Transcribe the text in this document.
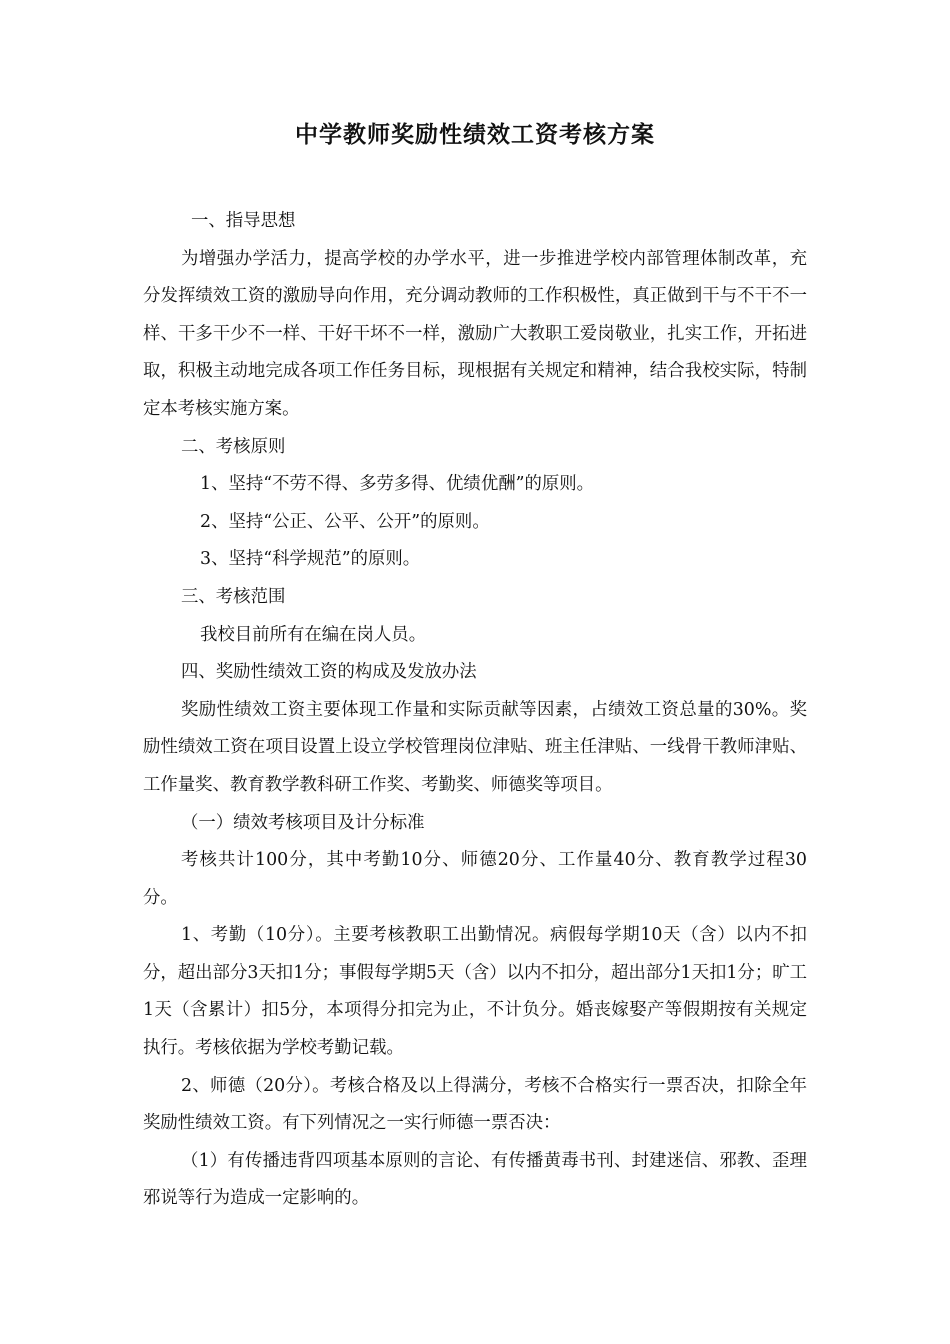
中学教师奖励性绩效工资考核方案

一、指导思想

为增强办学活力，提高学校的办学水平，进一步推进学校内部管理体制改革，充分发挥绩效工资的激励导向作用，充分调动教师的工作积极性，真正做到干与不干不一样、干多干少不一样、干好干坏不一样，激励广大教职工爱岗敬业，扎实工作，开拓进取，积极主动地完成各项工作任务目标，现根据有关规定和精神，结合我校实际，特制定本考核实施方案。

二、考核原则

1、坚持“不劳不得、多劳多得、优绩优酬”的原则。

2、坚持“公正、公平、公开”的原则。

3、坚持“科学规范”的原则。

三、考核范围

我校目前所有在编在岗人员。

四、奖励性绩效工资的构成及发放办法

奖励性绩效工资主要体现工作量和实际贡献等因素，占绩效工资总量的30%。奖励性绩效工资在项目设置上设立学校管理岗位津贴、班主任津贴、一线骨干教师津贴、工作量奖、教育教学教科研工作奖、考勤奖、师德奖等项目。

（一）绩效考核项目及计分标准

考核共计100分，其中考勤10分、师德20分、工作量40分、教育教学过程30分。

1、考勤（10分）。主要考核教职工出勤情况。病假每学期10天（含）以内不扣分，超出部分3天扣1分；事假每学期5天（含）以内不扣分，超出部分1天扣1分；旷工1天（含累计）扣5分，本项得分扣完为止，不计负分。婚丧嫁娶产等假期按有关规定执行。考核依据为学校考勤记载。

2、师德（20分）。考核合格及以上得满分，考核不合格实行一票否决，扣除全年奖励性绩效工资。有下列情况之一实行师德一票否决：

（1）有传播违背四项基本原则的言论、有传播黄毒书刊、封建迷信、邪教、歪理邪说等行为造成一定影响的。
